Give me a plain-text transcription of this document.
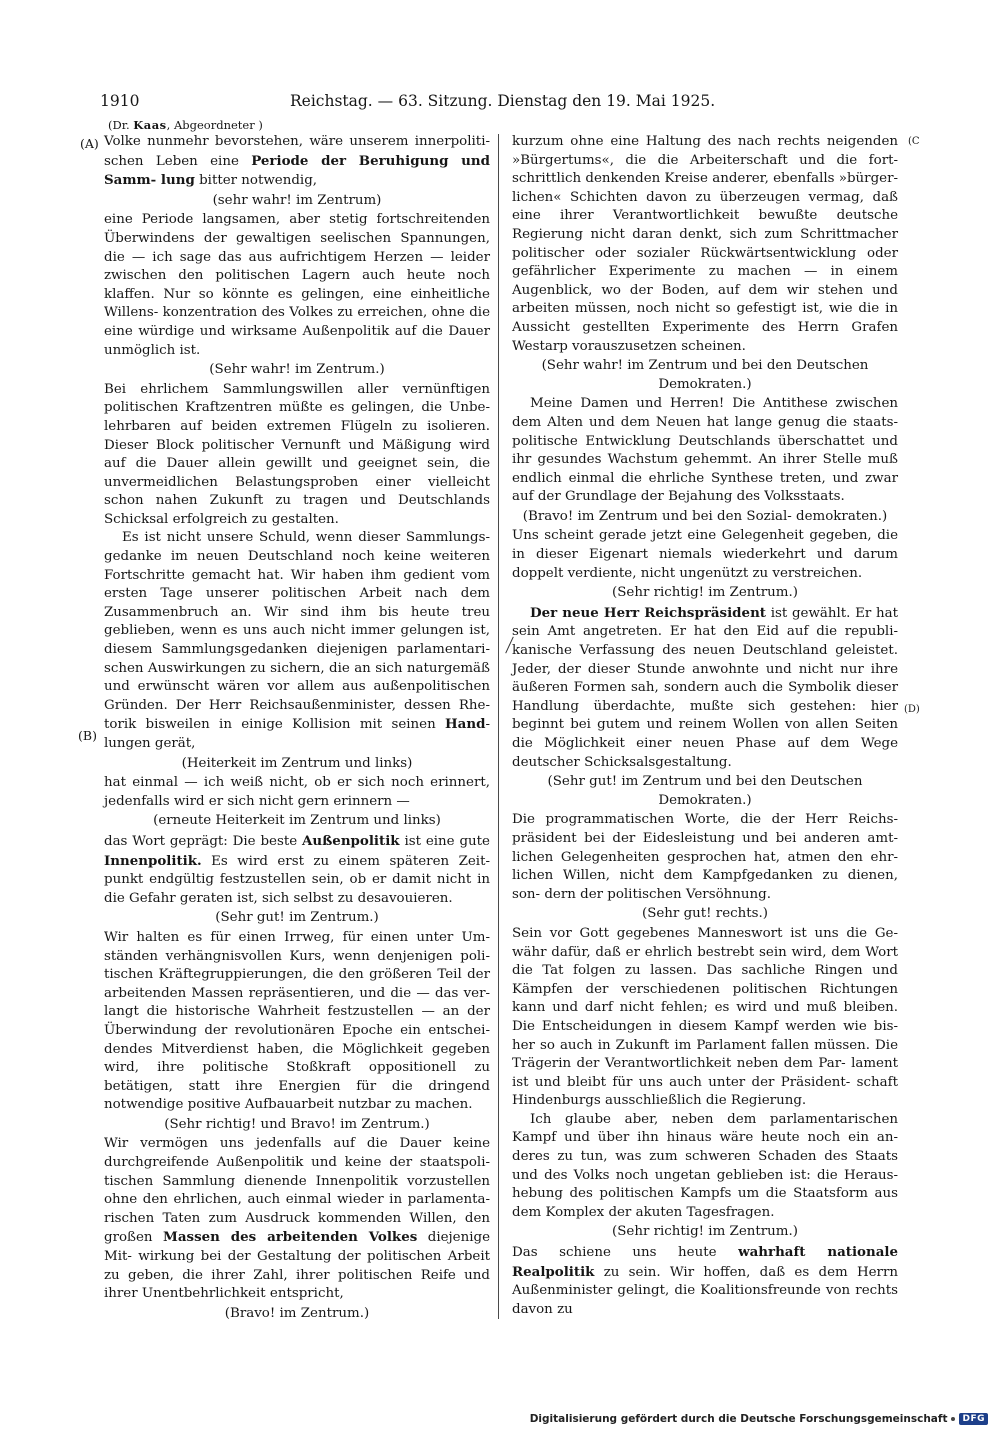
1910	Reichstag. — 63. Sitzung. Dienstag den 19. Mai 1925.
(Dr. Kaas, Abgeordneter )
(A)
(B)
(C
(D)

Volke nunmehr bevorstehen, wäre unserem innerpoliti- schen Leben eine Periode der Beruhigung und Samm- lung bitter notwendig,

(sehr wahr! im Zentrum)

eine Periode langsamen, aber stetig fortschreitenden Überwindens der gewaltigen seelischen Spannungen, die — ich sage das aus aufrichtigem Herzen — leider zwischen den politischen Lagern auch heute noch klaffen. Nur so könnte es gelingen, eine einheitliche Willens- konzentration des Volkes zu erreichen, ohne die eine würdige und wirksame Außenpolitik auf die Dauer unmöglich ist.

(Sehr wahr! im Zentrum.)

Bei ehrlichem Sammlungswillen aller vernünftigen politischen Kraftzentren müßte es gelingen, die Unbe- lehrbaren auf beiden extremen Flügeln zu isolieren. Dieser Block politischer Vernunft und Mäßigung wird auf die Dauer allein gewillt und geeignet sein, die unvermeidlichen Belastungsproben einer vielleicht schon nahen Zukunft zu tragen und Deutschlands Schicksal erfolgreich zu gestalten.

Es ist nicht unsere Schuld, wenn dieser Sammlungs- gedanke im neuen Deutschland noch keine weiteren Fortschritte gemacht hat. Wir haben ihm gedient vom ersten Tage unserer politischen Arbeit nach dem Zusammenbruch an. Wir sind ihm bis heute treu geblieben, wenn es uns auch nicht immer gelungen ist, diesem Sammlungsgedanken diejenigen parlamentari- schen Auswirkungen zu sichern, die an sich naturgemäß und erwünscht wären vor allem aus außenpolitischen Gründen. Der Herr Reichsaußenminister, dessen Rhe- torik bisweilen in einige Kollision mit seinen Hand- lungen gerät,

(Heiterkeit im Zentrum und links)

hat einmal — ich weiß nicht, ob er sich noch erinnert, jedenfalls wird er sich nicht gern erinnern —

(erneute Heiterkeit im Zentrum und links)

das Wort geprägt: Die beste Außenpolitik ist eine gute Innenpolitik. Es wird erst zu einem späteren Zeit- punkt endgültig festzustellen sein, ob er damit nicht in die Gefahr geraten ist, sich selbst zu desavouieren.

(Sehr gut! im Zentrum.)

Wir halten es für einen Irrweg, für einen unter Um- ständen verhängnisvollen Kurs, wenn denjenigen poli- tischen Kräftegruppierungen, die den größeren Teil der arbeitenden Massen repräsentieren, und die — das ver- langt die historische Wahrheit festzustellen — an der Überwindung der revolutionären Epoche ein entschei- dendes Mitverdienst haben, die Möglichkeit gegeben wird, ihre politische Stoßkraft oppositionell zu betätigen, statt ihre Energien für die dringend notwendige positive Aufbauarbeit nutzbar zu machen.

(Sehr richtig! und Bravo! im Zentrum.)

Wir vermögen uns jedenfalls auf die Dauer keine durchgreifende Außenpolitik und keine der staatspoli- tischen Sammlung dienende Innenpolitik vorzustellen ohne den ehrlichen, auch einmal wieder in parlamenta- rischen Taten zum Ausdruck kommenden Willen, den großen Massen des arbeitenden Volkes diejenige Mit- wirkung bei der Gestaltung der politischen Arbeit zu geben, die ihrer Zahl, ihrer politischen Reife und ihrer Unentbehrlichkeit entspricht,

(Bravo! im Zentrum.)

kurzum ohne eine Haltung des nach rechts neigenden »Bürgertums«, die die Arbeiterschaft und die fort- schrittlich denkenden Kreise anderer, ebenfalls »bürger- lichen« Schichten davon zu überzeugen vermag, daß eine ihrer Verantwortlichkeit bewußte deutsche Regierung nicht daran denkt, sich zum Schrittmacher politischer oder sozialer Rückwärtsentwicklung oder gefährlicher Experimente zu machen — in einem Augenblick, wo der Boden, auf dem wir stehen und arbeiten müssen, noch nicht so gefestigt ist, wie die in Aussicht gestellten Experimente des Herrn Grafen Westarp vorauszusetzen scheinen.

(Sehr wahr! im Zentrum und bei den Deutschen Demokraten.)

Meine Damen und Herren! Die Antithese zwischen dem Alten und dem Neuen hat lange genug die staats- politische Entwicklung Deutschlands überschattet und ihr gesundes Wachstum gehemmt. An ihrer Stelle muß endlich einmal die ehrliche Synthese treten, und zwar auf der Grundlage der Bejahung des Volksstaats.

(Bravo! im Zentrum und bei den Sozial- demokraten.)

Uns scheint gerade jetzt eine Gelegenheit gegeben, die in dieser Eigenart niemals wiederkehrt und darum doppelt verdiente, nicht ungenützt zu verstreichen.

(Sehr richtig! im Zentrum.)

Der neue Herr Reichspräsident ist gewählt. Er hat sein Amt angetreten. Er hat den Eid auf die republi- kanische Verfassung des neuen Deutschland geleistet. Jeder, der dieser Stunde anwohnte und nicht nur ihre äußeren Formen sah, sondern auch die Symbolik dieser Handlung überdachte, mußte sich gestehen: hier beginnt bei gutem und reinem Wollen von allen Seiten die Möglichkeit einer neuen Phase auf dem Wege deutscher Schicksalsgestaltung.

(Sehr gut! im Zentrum und bei den Deutschen Demokraten.)

Die programmatischen Worte, die der Herr Reichs- präsident bei der Eidesleistung und bei anderen amt- lichen Gelegenheiten gesprochen hat, atmen den ehr- lichen Willen, nicht dem Kampfgedanken zu dienen, son- dern der politischen Versöhnung.

(Sehr gut! rechts.)

Sein vor Gott gegebenes Manneswort ist uns die Ge- währ dafür, daß er ehrlich bestrebt sein wird, dem Wort die Tat folgen zu lassen. Das sachliche Ringen und Kämpfen der verschiedenen politischen Richtungen kann und darf nicht fehlen; es wird und muß bleiben. Die Entscheidungen in diesem Kampf werden wie bis- her so auch in Zukunft im Parlament fallen müssen. Die Trägerin der Verantwortlichkeit neben dem Par- lament ist und bleibt für uns auch unter der Präsident- schaft Hindenburgs ausschließlich die Regierung.

Ich glaube aber, neben dem parlamentarischen Kampf und über ihn hinaus wäre heute noch ein an- deres zu tun, was zum schweren Schaden des Staats und des Volks noch ungetan geblieben ist: die Heraus- hebung des politischen Kampfs um die Staatsform aus dem Komplex der akuten Tagesfragen.

(Sehr richtig! im Zentrum.)

Das schiene uns heute wahrhaft nationale Realpolitik zu sein. Wir hoffen, daß es dem Herrn Außenminister gelingt, die Koalitionsfreunde von rechts davon zu

Digitalisierung gefördert durch die Deutsche Forschungsgemeinschaft	DFG
